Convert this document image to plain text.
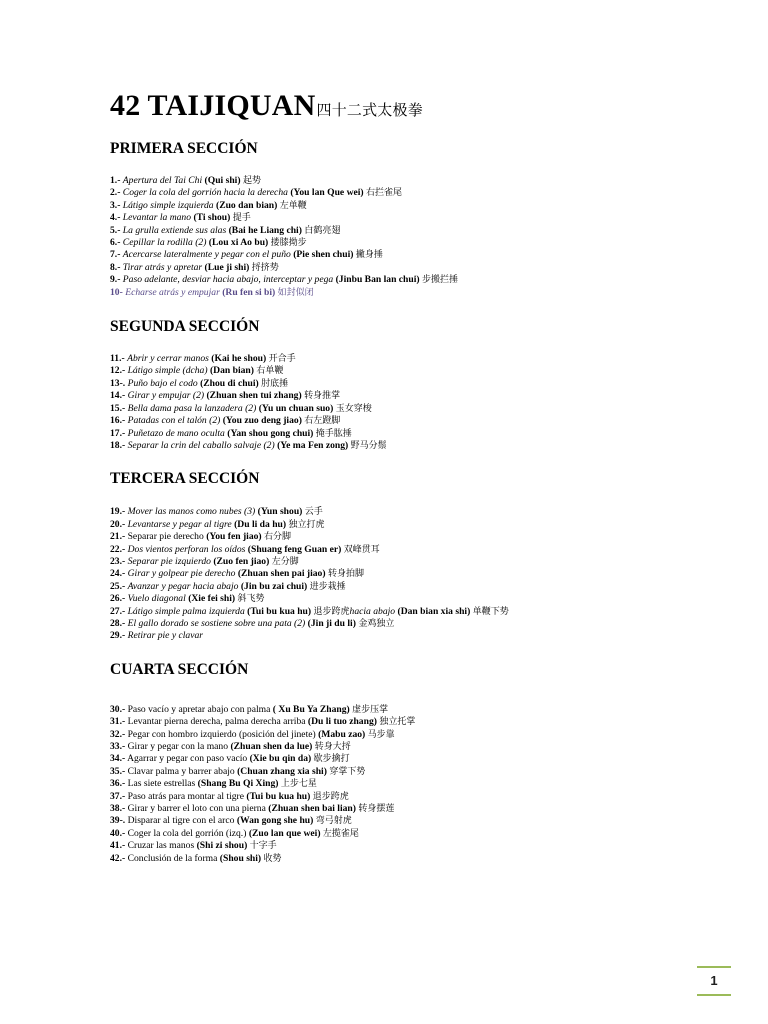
42 TAIJIQUAN四十二式太极拳
PRIMERA SECCIÓN
1.- Apertura del Tai Chi (Qui shi) 起势
2.- Coger la cola del gorrión hacia la derecha (You lan Que wei) 右拦雀尾
3.- Látigo simple izquierda (Zuo dan bian) 左单鞭
4.- Levantar la mano (Ti shou) 提手
5.- La grulla extiende sus alas (Bai he Liang chi) 白鹤亮翅
6.- Cepillar la rodilla (2) (Lou xi Ao bu) 搂膝拗步
7.- Acercarse lateralmente y pegar con el puño (Pie shen chui) 撇身捶
8.- Tirar atrás y apretar (Lue ji shi) 捋挤势
9.- Paso adelante, desviar hacia abajo, interceptar y pega (Jinbu Ban lan chui) 步搬拦捶
10- Echarse atrás y empujar (Ru fen si bi) 如封似闭
SEGUNDA SECCIÓN
11.- Abrir y cerrar manos (Kai he shou) 开合手
12.- Látigo simple (dcha) (Dan bian) 右单鞭
13-. Puño bajo el codo (Zhou di chui) 肘底捶
14.- Girar y empujar (2) (Zhuan shen tui zhang) 转身推掌
15.- Bella dama pasa la lanzadera (2) (Yu un chuan suo) 玉女穿梭
16.- Patadas con el talón (2) (You zuo deng jiao) 右左蹬脚
17.- Puñetazo de mano oculta (Yan shou gong chui) 掩手肱捶
18.- Separar la crin del caballo salvaje (2) (Ye ma Fen zong) 野马分鬃
TERCERA SECCIÓN
19.- Mover las manos como nubes (3) (Yun shou) 云手
20.- Levantarse y pegar al tigre (Du li da hu) 独立打虎
21.- Separar pie derecho (You fen jiao) 右分脚
22.- Dos vientos perforan los oídos (Shuang feng Guan er) 双峰贯耳
23.- Separar pie izquierdo (Zuo fen jiao) 左分脚
24.- Girar y golpear pie derecho (Zhuan shen pai jiao) 转身拍脚
25.- Avanzar y pegar hacia abajo (Jin bu zai chui) 进步栽捶
26.- Vuelo diagonal (Xie fei shi) 斜飞势
27.- Látigo simple palma izquierda (Tui bu kua hu) 退步跨虎hacia abajo (Dan bian xia shi) 单鞭下势
28.- El gallo dorado se sostiene sobre una pata (2) (Jin ji du li) 金鸡独立
29.- Retirar pie y clavar
CUARTA SECCIÓN
30.- Paso vacío y apretar abajo con palma ( Xu Bu Ya Zhang) 虚步压掌
31.- Levantar pierna derecha, palma derecha arriba (Du li tuo zhang) 独立托掌
32.- Pegar con hombro izquierdo (posición del jinete) (Mabu zao) 马步靠
33.- Girar y pegar con la mano (Zhuan shen da lue) 转身大捋
34.- Agarrar y pegar con paso vacío (Xie bu qin da) 歇步擒打
35.- Clavar palma y barrer abajo (Chuan zhang xia shi) 穿掌下势
36.- Las siete estrellas (Shang Bu Qi Xing) 上步七星
37.- Paso atrás para montar al tigre (Tui bu kua hu) 退步跨虎
38.- Girar y barrer el loto con una pierna (Zhuan shen bai lian) 转身摆莲
39-. Disparar al tigre con el arco (Wan gong she hu) 弯弓射虎
40.- Coger la cola del gorrión (izq.) (Zuo lan que wei) 左揽雀尾
41.- Cruzar las manos (Shi zi shou) 十字手
42.- Conclusión de la forma (Shou shi) 收势
1
